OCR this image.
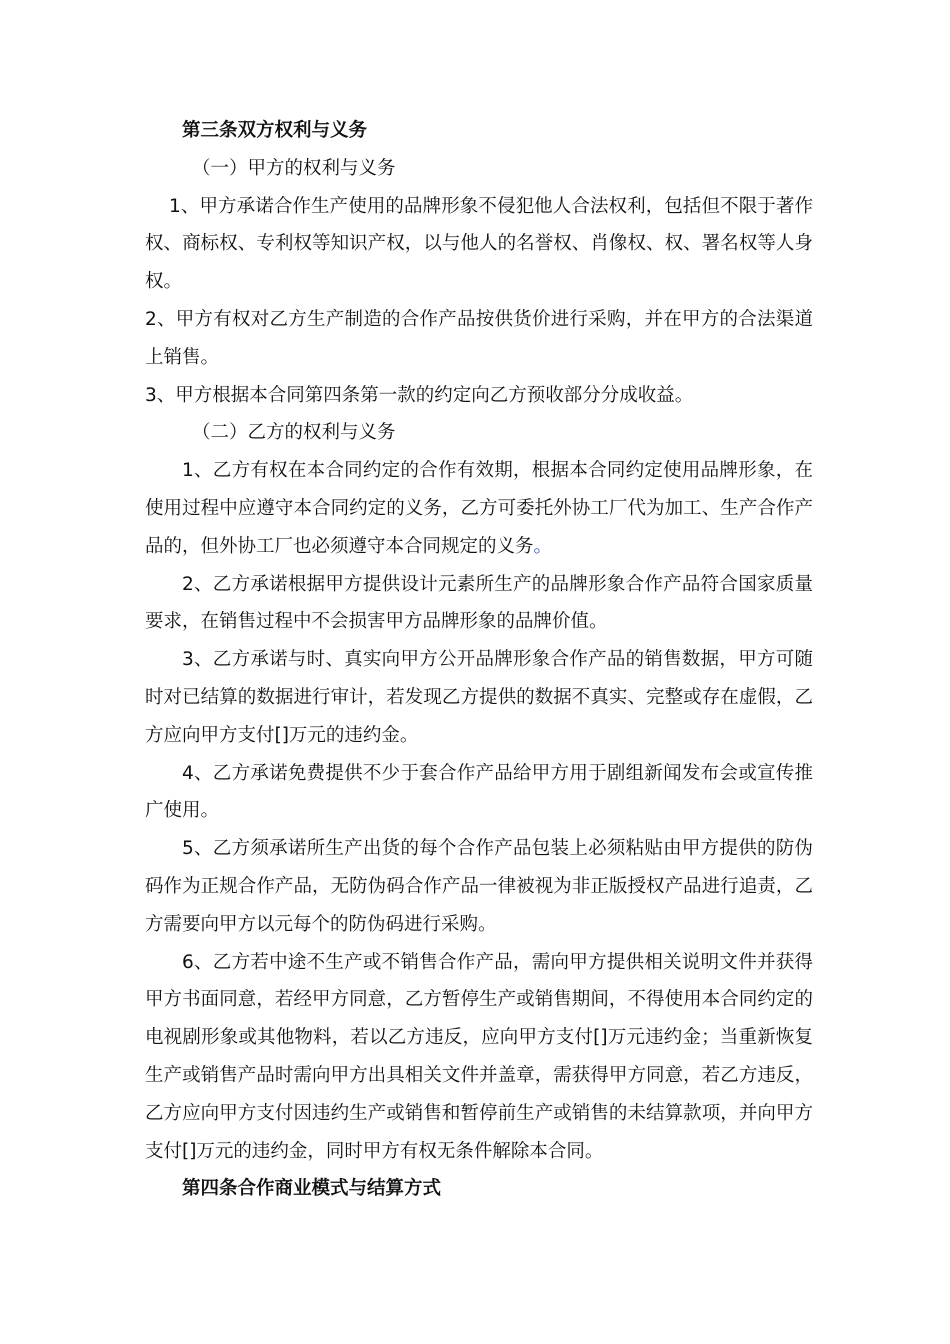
第三条双方权利与义务

（一）甲方的权利与义务

1、甲方承诺合作生产使用的品牌形象不侵犯他人合法权利，包括但不限于著作权、商标权、专利权等知识产权，以与他人的名誉权、肖像权、权、署名权等人身权。

2、甲方有权对乙方生产制造的合作产品按供货价进行采购，并在甲方的合法渠道上销售。

3、甲方根据本合同第四条第一款的约定向乙方预收部分分成收益。

（二）乙方的权利与义务

1、乙方有权在本合同约定的合作有效期，根据本合同约定使用品牌形象，在使用过程中应遵守本合同约定的义务，乙方可委托外协工厂代为加工、生产合作产品的，但外协工厂也必须遵守本合同规定的义务。

2、乙方承诺根据甲方提供设计元素所生产的品牌形象合作产品符合国家质量要求，在销售过程中不会损害甲方品牌形象的品牌价值。

3、乙方承诺与时、真实向甲方公开品牌形象合作产品的销售数据，甲方可随时对已结算的数据进行审计，若发现乙方提供的数据不真实、完整或存在虚假，乙方应向甲方支付[]万元的违约金。

4、乙方承诺免费提供不少于套合作产品给甲方用于剧组新闻发布会或宣传推广使用。

5、乙方须承诺所生产出货的每个合作产品包装上必须粘贴由甲方提供的防伪码作为正规合作产品，无防伪码合作产品一律被视为非正版授权产品进行追责，乙方需要向甲方以元每个的防伪码进行采购。

6、乙方若中途不生产或不销售合作产品，需向甲方提供相关说明文件并获得甲方书面同意，若经甲方同意，乙方暂停生产或销售期间，不得使用本合同约定的电视剧形象或其他物料，若以乙方违反，应向甲方支付[]万元违约金；当重新恢复生产或销售产品时需向甲方出具相关文件并盖章，需获得甲方同意，若乙方违反，乙方应向甲方支付因违约生产或销售和暂停前生产或销售的未结算款项，并向甲方支付[]万元的违约金，同时甲方有权无条件解除本合同。

第四条合作商业模式与结算方式
